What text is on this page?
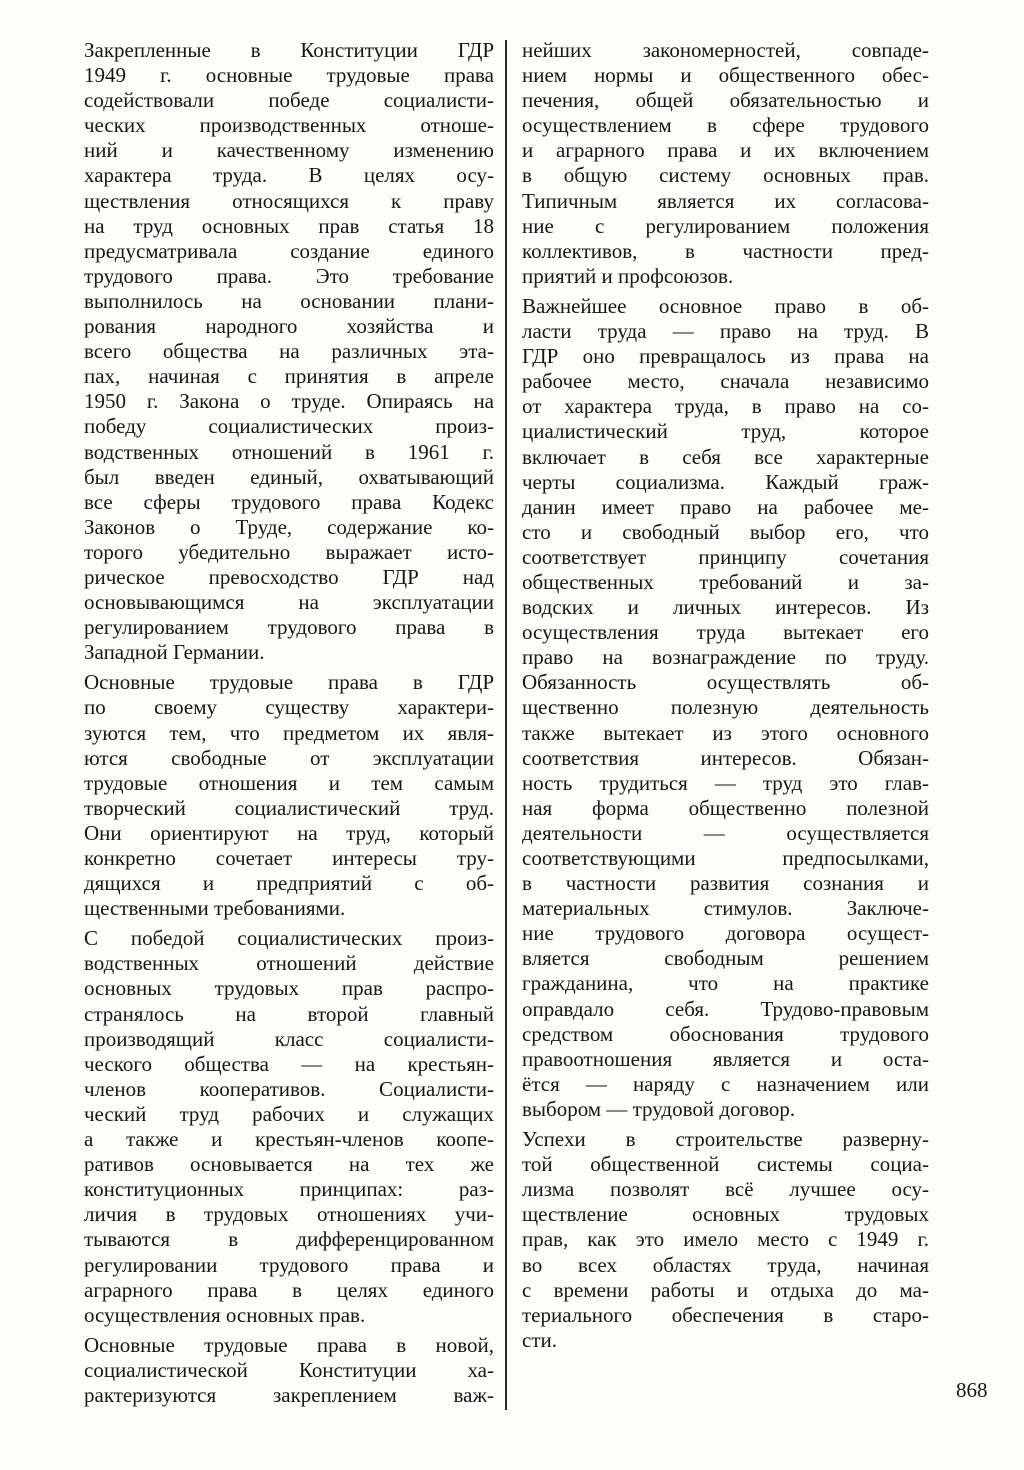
Закрепленные в Конституции ГДР
1949 г. основные трудовые права
содействовали победе социалисти-
ческих производственных отноше-
ний и качественному изменению
характера труда. В целях осу-
ществления относящихся к праву
на труд основных прав статья 18
предусматривала создание единого
трудового права. Это требование
выполнилось на основании плани-
рования народного хозяйства и
всего общества на различных эта-
пах, начиная с принятия в апреле
1950 г. Закона о труде. Опираясь на
победу социалистических произ-
водственных отношений в 1961 г.
был введен единый, охватывающий
все сферы трудового права Кодекс
Законов о Труде, содержание ко-
торого убедительно выражает исто-
рическое превосходство ГДР над
основывающимся на эксплуатации
регулированием трудового права в
Западной Германии.
Основные трудовые права в ГДР
по своему существу характери-
зуются тем, что предметом их явля-
ются свободные от эксплуатации
трудовые отношения и тем самым
творческий социалистический труд.
Они ориентируют на труд, который
конкретно сочетает интересы тру-
дящихся и предприятий с об-
щественными требованиями.
С победой социалистических произ-
водственных отношений действие
основных трудовых прав распро-
странялось на второй главный
производящий класс социалисти-
ческого общества — на крестьян-
членов кооперативов. Социалисти-
ческий труд рабочих и служащих
а также и крестьян-членов коопе-
ративов основывается на тех же
конституционных принципах: раз-
личия в трудовых отношениях учи-
тываются в дифференцированном
регулировании трудового права и
аграрного права в целях единого
осуществления основных прав.
Основные трудовые права в новой,
социалистической Конституции ха-
рактеризуются закреплением важ-
нейших закономерностей, совпаде-
нием нормы и общественного обес-
печения, общей обязательностью и
осуществлением в сфере трудового
и аграрного права и их включением
в общую систему основных прав.
Типичным является их согласова-
ние с регулированием положения
коллективов, в частности пред-
приятий и профсоюзов.
Важнейшее основное право в об-
ласти труда — право на труд. В
ГДР оно превращалось из права на
рабочее место, сначала независимо
от характера труда, в право на со-
циалистический труд, которое
включает в себя все характерные
черты социализма. Каждый граж-
данин имеет право на рабочее ме-
сто и свободный выбор его, что
соответствует принципу сочетания
общественных требований и за-
водских и личных интересов. Из
осуществления труда вытекает его
право на вознаграждение по труду.
Обязанность осуществлять об-
щественно полезную деятельность
также вытекает из этого основного
соответствия интересов. Обязан-
ность трудиться — труд это глав-
ная форма общественно полезной
деятельности — осуществляется
соответствующими предпосылками,
в частности развития сознания и
материальных стимулов. Заключе-
ние трудового договора осущест-
вляется свободным решением
гражданина, что на практике
оправдало себя. Трудово-правовым
средством обоснования трудового
правоотношения является и оста-
ётся — наряду с назначением или
выбором — трудовой договор.
Успехи в строительстве разверну-
той общественной системы социа-
лизма позволят всё лучшее осу-
ществление основных трудовых
прав, как это имело место с 1949 г.
во всех областях труда, начиная
с времени работы и отдыха до ма-
териального обеспечения в старо-
сти.
868
